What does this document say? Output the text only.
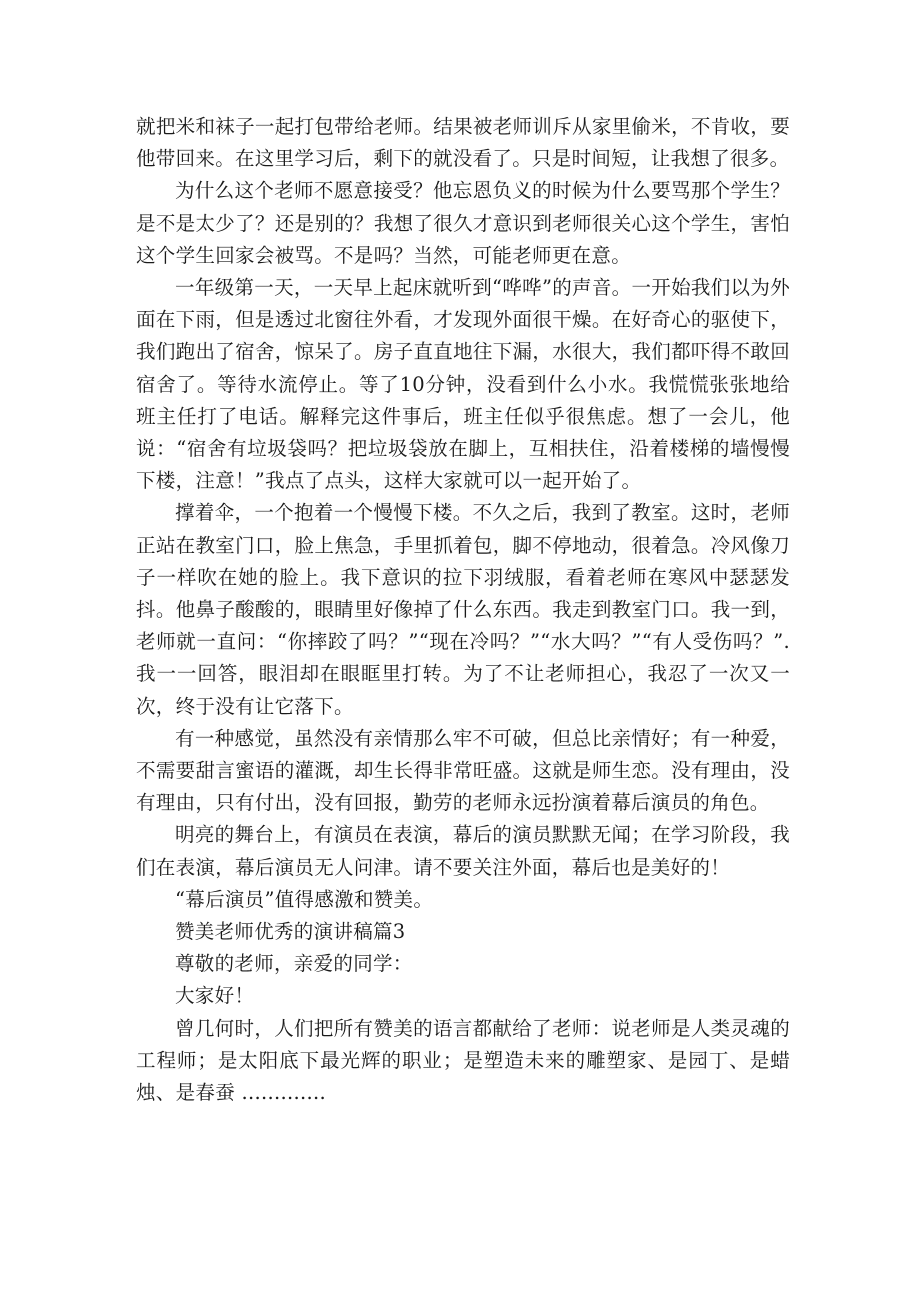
就把米和袜子一起打包带给老师。结果被老师训斥从家里偷米，不肯收，要他带回来。在这里学习后，剩下的就没看了。只是时间短，让我想了很多。

为什么这个老师不愿意接受？他忘恩负义的时候为什么要骂那个学生？是不是太少了？还是别的？我想了很久才意识到老师很关心这个学生，害怕这个学生回家会被骂。不是吗？当然，可能老师更在意。

一年级第一天，一天早上起床就听到“哗哗”的声音。一开始我们以为外面在下雨，但是透过北窗往外看，才发现外面很干燥。在好奇心的驱使下，我们跑出了宿舍，惊呆了。房子直直地往下漏，水很大，我们都吓得不敢回宿舍了。等待水流停止。等了10分钟，没看到什么小水。我慌慌张张地给班主任打了电话。解释完这件事后，班主任似乎很焦虑。想了一会儿，他说：“宿舍有垃圾袋吗？把垃圾袋放在脚上，互相扶住，沿着楼梯的墙慢慢下楼，注意！”我点了点头，这样大家就可以一起开始了。

撑着伞，一个抱着一个慢慢下楼。不久之后，我到了教室。这时，老师正站在教室门口，脸上焦急，手里抓着包，脚不停地动，很着急。冷风像刀子一样吹在她的脸上。我下意识的拉下羽绒服，看着老师在寒风中瑟瑟发抖。他鼻子酸酸的，眼睛里好像掉了什么东西。我走到教室门口。我一到，老师就一直问：“你摔跤了吗？”“现在冷吗？”“水大吗？”“有人受伤吗？”.我一一回答，眼泪却在眼眶里打转。为了不让老师担心，我忍了一次又一次，终于没有让它落下。

有一种感觉，虽然没有亲情那么牢不可破，但总比亲情好；有一种爱，不需要甜言蜜语的灌溉，却生长得非常旺盛。这就是师生恋。没有理由，没有理由，只有付出，没有回报，勤劳的老师永远扮演着幕后演员的角色。

明亮的舞台上，有演员在表演，幕后的演员默默无闻；在学习阶段，我们在表演，幕后演员无人问津。请不要关注外面，幕后也是美好的！

“幕后演员”值得感激和赞美。

赞美老师优秀的演讲稿篇3

尊敬的老师，亲爱的同学：

大家好！

曾几何时，人们把所有赞美的语言都献给了老师：说老师是人类灵魂的工程师；是太阳底下最光辉的职业；是塑造未来的雕塑家、是园丁、是蜡烛、是春蚕 .............
